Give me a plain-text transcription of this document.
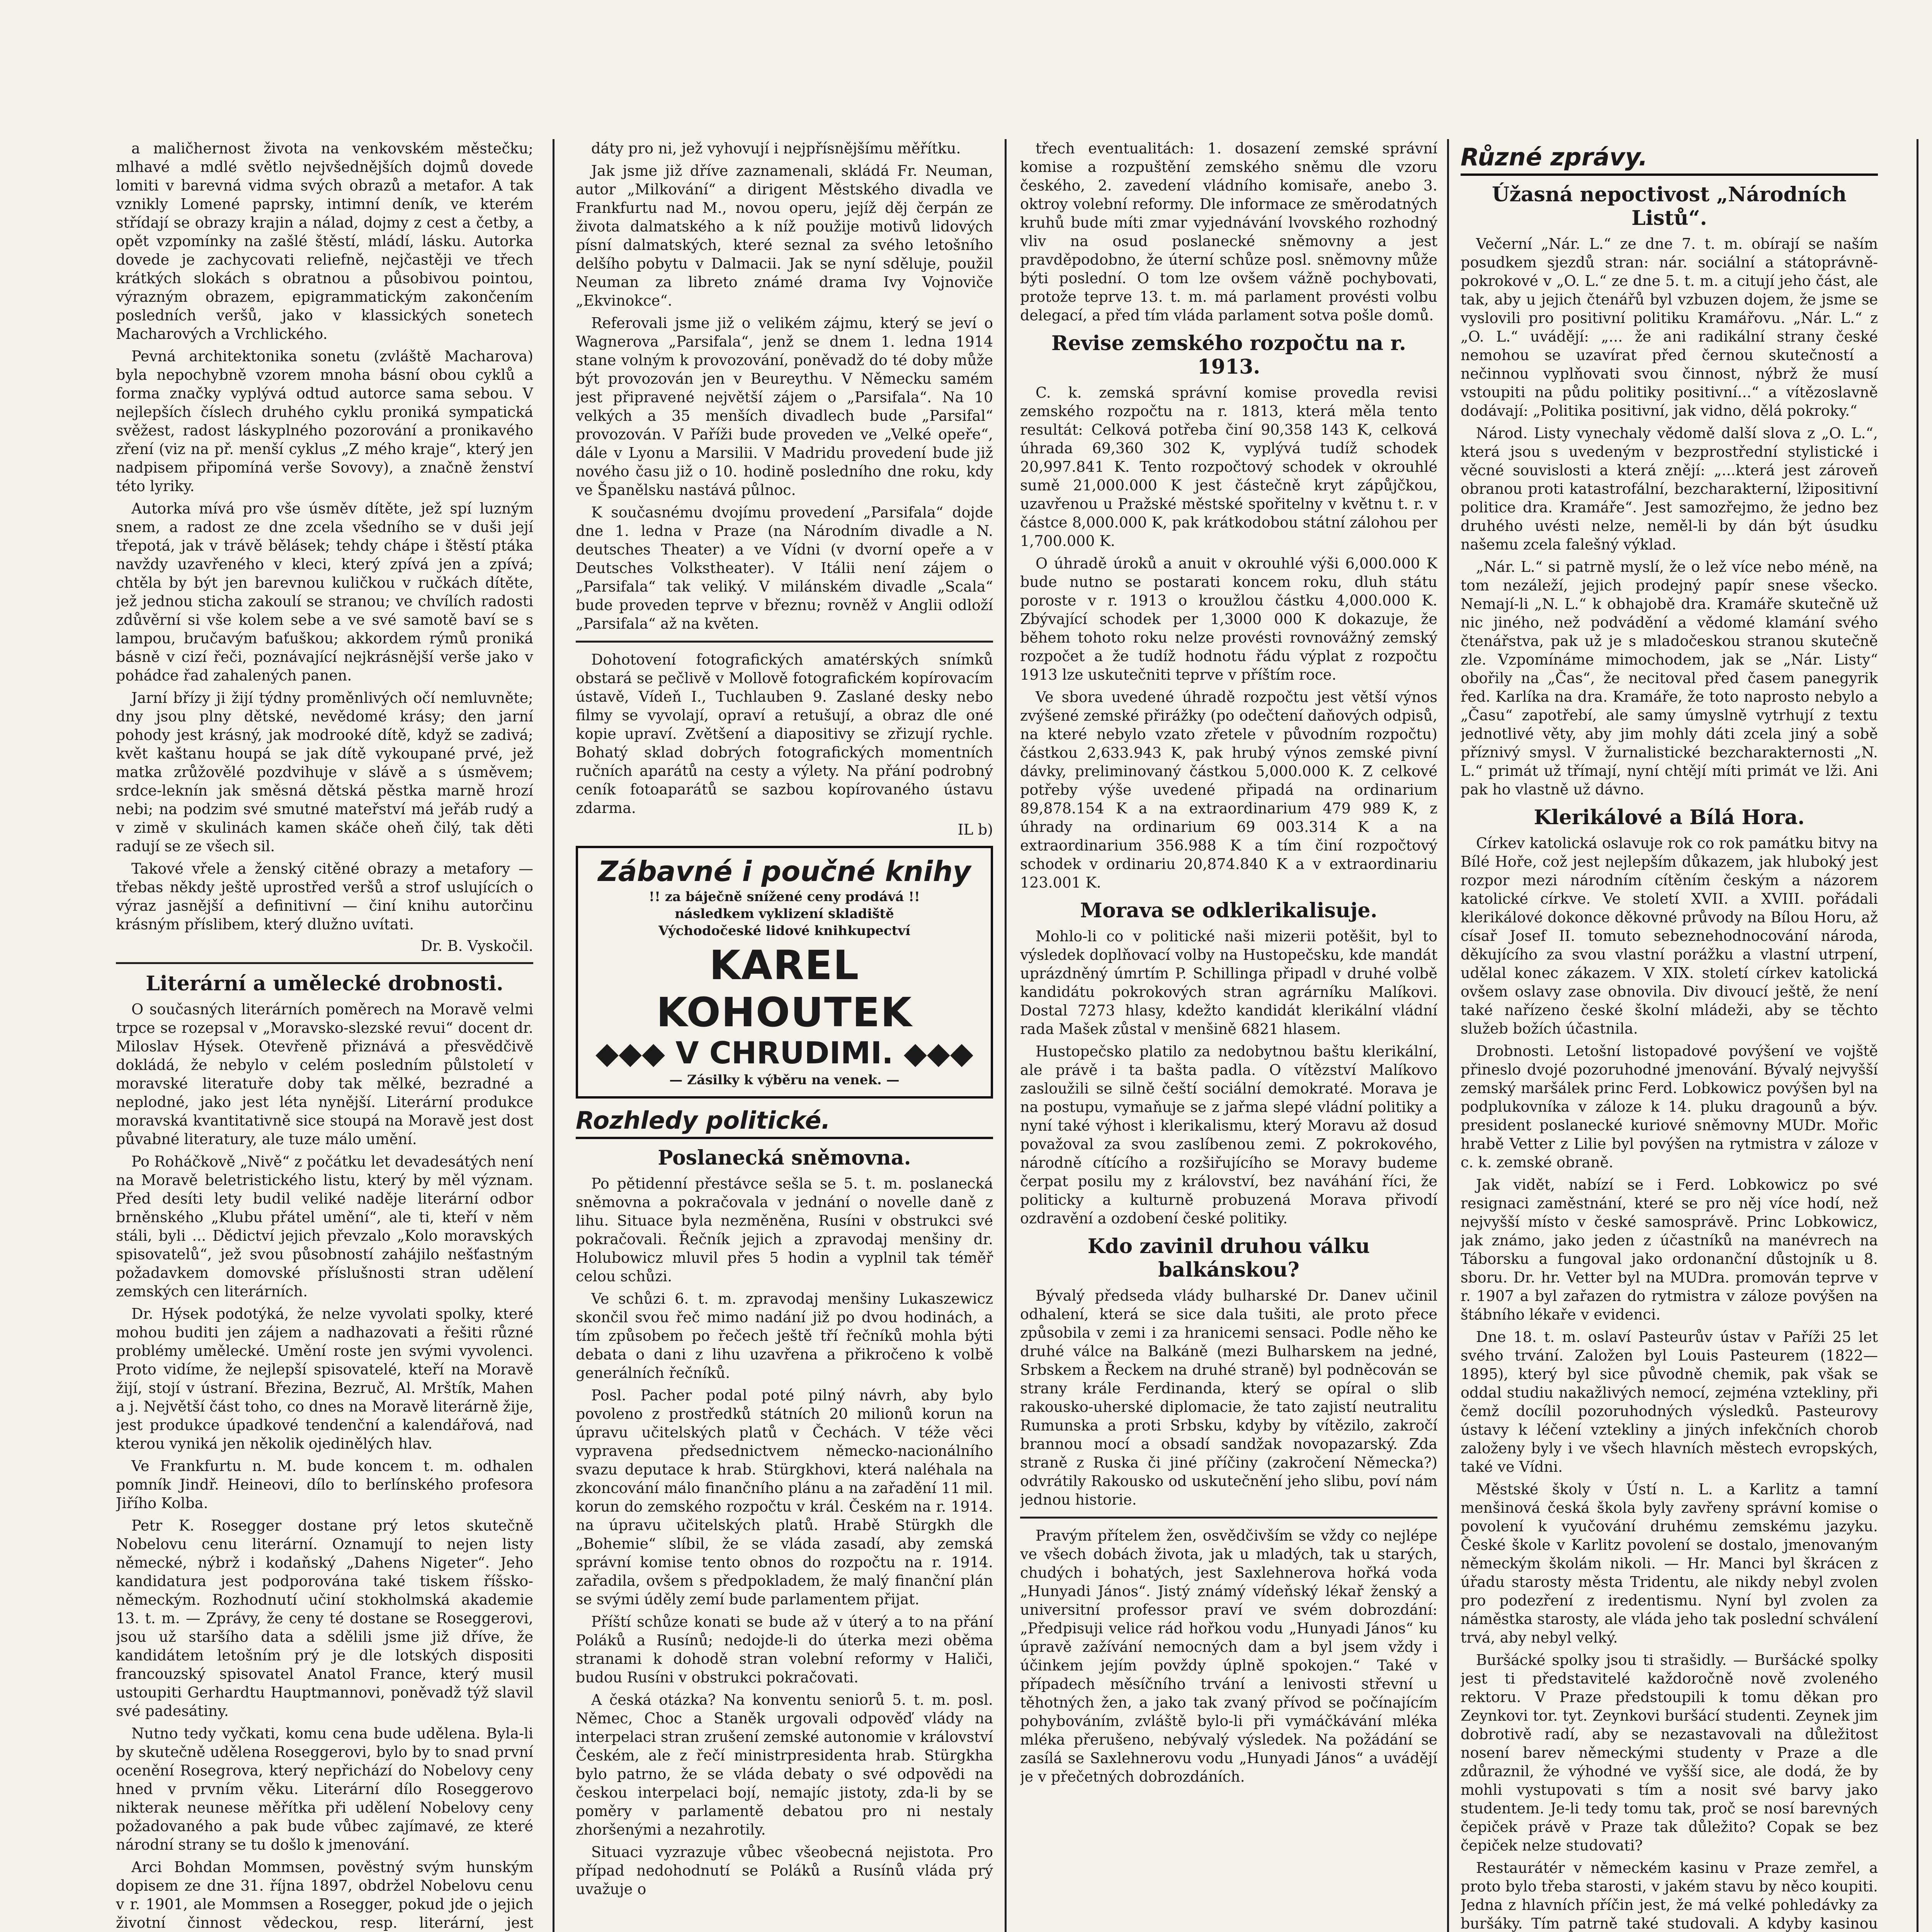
a maličhernost života na venkovském městečku; mlhavé a mdlé světlo nejvšednějších dojmů dovede lomiti v barevná vidma svých obrazů a metafor. A tak vznikly Lomené paprsky, intimní deník, ve kterém střídají se obrazy krajin a nálad, dojmy z cest a četby, a opět vzpomínky na zašlé štěstí, mládí, lásku. Autorka dovede je zachycovati reliefně, nejčastěji ve třech krátkých slokách s obratnou a působivou pointou, výrazným obrazem, epigrammatickým zakončením posledních veršů, jako v klassických sonetech Macharových a Vrchlického.

Pevná architektonika sonetu (zvláště Macharova) byla nepochybně vzorem mnoha básní obou cyklů a forma značky vyplývá odtud autorce sama sebou. V nejlepších číslech druhého cyklu proniká sympatická svěžest, radost láskyplného pozorování a pronikavého zření (viz na př. menší cyklus „Z mého kraje“, který jen nadpisem připomíná verše Sovovy), a značně ženství této lyriky.

Autorka mívá pro vše úsměv dítěte, jež spí luzným snem, a radost ze dne zcela všedního se v duši její třepotá, jak v trávě bělásek; tehdy chápe i štěstí ptáka navždy uzavřeného v kleci, který zpívá jen a zpívá; chtěla by být jen barevnou kuličkou v ručkách dítěte, jež jednou sticha zakoulí se stranou; ve chvílích radosti zdůvěrní si vše kolem sebe a ve své samotě baví se s lampou, bručavým baťuškou; akkordem rýmů proniká básně v cizí řeči, poznávající nejkrásnější verše jako v pohádce řad zahalených panen.

Jarní břízy ji žijí týdny proměnlivých očí nemluvněte; dny jsou plny dětské, nevědomé krásy; den jarní pohody jest krásný, jak modrooké dítě, když se zadivá; květ kaštanu houpá se jak dítě vykoupané prvé, jež matka zrůžovělé pozdvihuje v slávě a s úsměvem; srdce-leknín jak směsná dětská pěstka marně hrozí nebi; na podzim své smutné mateřství má jeřáb rudý a v zimě v skulinách kamen skáče oheň čilý, tak děti radují se ze všech sil.

Takové vřele a ženský citěné obrazy a metafory — třebas někdy ještě uprostřed veršů a strof uslujících o výraz jasnější a definitivní — činí knihu autorčinu krásným příslibem, který dlužno uvítati.

Dr. B. Vyskočil.

Literární a umělecké drobnosti.

O současných literárních poměrech na Moravě velmi trpce se rozepsal v „Moravsko-slezské revui“ docent dr. Miloslav Hýsek. Otevřeně přiznává a přesvědčivě dokládá, že nebylo v celém posledním půlstoletí v moravské literatuře doby tak mělké, bezradné a neplodné, jako jest léta nynější. Literární produkce moravská kvantitativně sice stoupá na Moravě jest dost půvabné literatury, ale tuze málo umění.

Po Roháčkově „Nivě“ z počátku let devadesátých není na Moravě beletristického listu, který by měl význam. Před desíti lety budil veliké naděje literární odbor brněnského „Klubu přátel umění“, ale ti, kteří v něm stáli, byli ... Dědictví jejich převzalo „Kolo moravských spisovatelů“, jež svou působností zahájilo nešťastným požadavkem domovské příslušnosti stran udělení zemských cen literárních.

Dr. Hýsek podotýká, že nelze vyvolati spolky, které mohou buditi jen zájem a nadhazovati a řešiti různé problémy umělecké. Umění roste jen svými vyvolenci. Proto vidíme, že nejlepší spisovatelé, kteří na Moravě žijí, stojí v ústraní. Březina, Bezruč, Al. Mrštík, Mahen a j. Největší část toho, co dnes na Moravě literárně žije, jest produkce úpadkové tendenční a kalendářová, nad kterou vyniká jen několik ojedinělých hlav.

Ve Frankfurtu n. M. bude koncem t. m. odhalen pomník Jindř. Heineovi, dílo to berlínského profesora Jiřího Kolba.

Petr K. Rosegger dostane prý letos skutečně Nobelovu cenu literární. Oznamují to nejen listy německé, nýbrž i kodaňský „Dahens Nigeter“. Jeho kandidatura jest podporována také tiskem říšsko-německým. Rozhodnutí učiní stokholmská akademie 13. t. m. — Zprávy, že ceny té dostane se Roseggerovi, jsou už staršího data a sdělili jsme již dříve, že kandidátem letošním prý je dle lotských dispositi francouzský spisovatel Anatol France, který musil ustoupiti Gerhardtu Hauptmannovi, poněvadž týž slavil své padesátiny.

Nutno tedy vyčkati, komu cena bude udělena. Byla-li by skutečně udělena Roseggerovi, bylo by to snad první ocenění Rosegrova, který nepřichází do Nobelovy ceny hned v prvním věku. Literární dílo Roseggerovo nikterak neunese měřítka při udělení Nobelovy ceny požadovaného a pak bude vůbec zajímavé, ze které národní strany se tu došlo k jmenování.

Arci Bohdan Mommsen, pověstný svým hunským dopisem ze dne 31. října 1897, obdržel Nobelovu cenu v r. 1901, ale Mommsen a Rosegger, pokud jde o jejich životní činnost vědeckou, resp. literární, jest

dáty pro ni, jež vyhovují i nejpřísnějšímu měřítku.

Jak jsme již dříve zaznamenali, skládá Fr. Neuman, autor „Milkování“ a dirigent Městského divadla ve Frankfurtu nad M., novou operu, jejíž děj čerpán ze života dalmatského a k níž použije motivů lidových písní dalmatských, které seznal za svého letošního delšího pobytu v Dalmacii. Jak se nyní sděluje, použil Neuman za libreto známé drama Ivy Vojnoviče „Ekvinokce“.

Referovali jsme již o velikém zájmu, který se jeví o Wagnerova „Parsifala“, jenž se dnem 1. ledna 1914 stane volným k provozování, poněvadž do té doby může být provozován jen v Beureythu. V Německu samém jest připravené největší zájem o „Parsifala“. Na 10 velkých a 35 menších divadlech bude „Parsifal“ provozován. V Paříži bude proveden ve „Velké opeře“, dále v Lyonu a Marsilii. V Madridu provedení bude již nového času již o 10. hodině posledního dne roku, kdy ve Španělsku nastává půlnoc.

K současnému dvojímu provedení „Parsifala“ dojde dne 1. ledna v Praze (na Národním divadle a N. deutsches Theater) a ve Vídni (v dvorní opeře a v Deutsches Volkstheater). V Itálii není zájem o „Parsifala“ tak veliký. V milánském divadle „Scala“ bude proveden teprve v březnu; rovněž v Anglii odloží „Parsifala“ až na květen.

Dohotovení fotografických amatérských snímků obstará se pečlivě v Mollově fotografickém kopírovacím ústavě, Vídeň I., Tuchlauben 9. Zaslané desky nebo filmy se vyvolají, opraví a retušují, a obraz dle oné kopie upraví. Zvětšení a diapositivy se zřizují rychle. Bohatý sklad dobrých fotografických momentních ručních aparátů na cesty a výlety. Na přání podrobný ceník fotoaparátů se sazbou kopírovaného ústavu zdarma.

IL b)

Zábavné i poučné knihy

!! za báječně snížené ceny prodává !!

následkem vyklizení skladiště

Východočeské lidové knihkupectví

KAREL KOHOUTEK

◆◆◆ V CHRUDIMI. ◆◆◆

— Zásilky k výběru na venek. —

Rozhledy politické.
Poslanecká sněmovna.

Po pětidenní přestávce sešla se 5. t. m. poslanecká sněmovna a pokračovala v jednání o novelle daně z lihu. Situace byla nezměněna, Rusíni v obstrukci své pokračovali. Řečník jejich a zpravodaj menšiny dr. Holubowicz mluvil přes 5 hodin a vyplnil tak téměř celou schůzi.

Ve schůzi 6. t. m. zpravodaj menšiny Lukaszewicz skončil svou řeč mimo nadání již po dvou hodinách, a tím způsobem po řečech ještě tří řečníků mohla býti debata o dani z lihu uzavřena a přikročeno k volbě generálních řečníků.

Posl. Pacher podal poté pilný návrh, aby bylo povoleno z prostředků státních 20 milionů korun na úpravu učitelských platů v Čechách. V téže věci vypravena předsednictvem německo-nacionálního svazu deputace k hrab. Stürgkhovi, která naléhala na zkoncování málo finančního plánu a na zařadění 11 mil. korun do zemského rozpočtu v král. Českém na r. 1914. na úpravu učitelských platů. Hrabě Stürgkh dle „Bohemie“ slíbil, že se vláda zasadí, aby zemská správní komise tento obnos do rozpočtu na r. 1914. zařadila, ovšem s předpokladem, že malý finanční plán se svými úděly zemí bude parlamentem přijat.

Příští schůze konati se bude až v úterý a to na přání Poláků a Rusínů; nedojde-li do úterka mezi oběma stranami k dohodě stran volební reformy v Haliči, budou Rusíni v obstrukci pokračovati.

A česká otázka? Na konventu seniorů 5. t. m. posl. Němec, Choc a Staněk urgovali odpověď vlády na interpelaci stran zrušení zemské autonomie v království Českém, ale z řečí ministrpresidenta hrab. Stürgkha bylo patrno, že se vláda debaty o své odpovědi na českou interpelaci bojí, nemajíc jistoty, zda-li by se poměry v parlamentě debatou pro ni nestaly zhoršenými a nezahrotily.

Situaci vyzrazuje vůbec všeobecná nejistota. Pro případ nedohodnutí se Poláků a Rusínů vláda prý uvažuje o

třech eventualitách: 1. dosazení zemské správní komise a rozpuštění zemského sněmu dle vzoru českého, 2. zavedení vládního komisaře, anebo 3. oktroy volební reformy. Dle informace ze směrodatných kruhů bude míti zmar vyjednávání lvovského rozhodný vliv na osud poslanecké sněmovny a jest pravděpodobno, že úterní schůze posl. sněmovny může býti poslední. O tom lze ovšem vážně pochybovati, protože teprve 13. t. m. má parlament provésti volbu delegací, a před tím vláda parlament sotva pošle domů.

Revise zemského rozpočtu na r. 1913.

C. k. zemská správní komise provedla revisi zemského rozpočtu na r. 1813, která měla tento resultát: Celková potřeba činí 90,358 143 K, celková úhrada 69,360 302 K, vyplývá tudíž schodek 20,997.841 K. Tento rozpočtový schodek v okrouhlé sumě 21,000.000 K jest částečně kryt zápůjčkou, uzavřenou u Pražské městské spořitelny v květnu t. r. v částce 8,000.000 K, pak krátkodobou státní zálohou per 1,700.000 K.

O úhradě úroků a anuit v okrouhlé výši 6,000.000 K bude nutno se postarati koncem roku, dluh státu poroste v r. 1913 o kroužlou částku 4,000.000 K. Zbývající schodek per 1,3000 000 K dokazuje, že během tohoto roku nelze provésti rovnovážný zemský rozpočet a že tudíž hodnotu řádu výplat z rozpočtu 1913 lze uskutečniti teprve v příštím roce.

Ve sbora uvedené úhradě rozpočtu jest větší výnos zvýšené zemské přirážky (po odečtení daňových odpisů, na které nebylo vzato zřetele v původním rozpočtu) částkou 2,633.943 K, pak hrubý výnos zemské pivní dávky, preliminovaný částkou 5,000.000 K. Z celkové potřeby výše uvedené připadá na ordinarium 89,878.154 K a na extraordinarium 479 989 K, z úhrady na ordinarium 69 003.314 K a na extraordinarium 356.988 K a tím činí rozpočtový schodek v ordinariu 20,874.840 K a v extraordinariu 123.001 K.

Morava se odklerikalisuje.

Mohlo-li co v politické naši mizerii potěšit, byl to výsledek doplňovací volby na Hustopečsku, kde mandát uprázdněný úmrtím P. Schillinga připadl v druhé volbě kandidátu pokrokových stran agrárníku Malíkovi. Dostal 7273 hlasy, kdežto kandidát klerikální vládní rada Mašek zůstal v menšině 6821 hlasem.

Hustopečsko platilo za nedobytnou baštu klerikální, ale právě i ta bašta padla. O vítězství Malíkovo zasloužili se silně čeští sociální demokraté. Morava je na postupu, vymaňuje se z jařma slepé vládní politiky a nyní také výhost i klerikalismu, který Moravu až dosud považoval za svou zaslíbenou zemi. Z pokrokového, národně cítícího a rozšiřujícího se Moravy budeme čerpat posilu my z království, bez naváhání říci, že politicky a kulturně probuzená Morava přivodí ozdravění a ozdobení české politiky.

Kdo zavinil druhou válku balkánskou?

Bývalý předseda vlády bulharské Dr. Danev učinil odhalení, která se sice dala tušiti, ale proto přece způsobila v zemi i za hranicemi sensaci. Podle něho ke druhé válce na Balkáně (mezi Bulharskem na jedné, Srbskem a Řeckem na druhé straně) byl podněcován se strany krále Ferdinanda, který se opíral o slib rakousko-uherské diplomacie, že tato zajistí neutralitu Rumunska a proti Srbsku, kdyby by vítězilo, zakročí brannou mocí a obsadí sandžak novopazarský. Zda straně z Ruska či jiné příčiny (zakročení Německa?) odvrátily Rakousko od uskutečnění jeho slibu, poví nám jednou historie.

Pravým přítelem žen, osvědčivším se vždy co nejlépe ve všech dobách života, jak u mladých, tak u starých, chudých i bohatých, jest Saxlehnerova hořká voda „Hunyadi János“. Jistý známý vídeňský lékař ženský a universitní professor praví ve svém dobrozdání: „Předpisuji velice rád hořkou vodu „Hunyadi János“ ku úpravě zažívání nemocných dam a byl jsem vždy i účinkem jejím povždy úplně spokojen.“ Také v případech měsíčního trvání a lenivosti střevní u těhotných žen, a jako tak zvaný přívod se počínajícím pohybováním, zvláště bylo-li při vymáčkávání mléka mléka přerušeno, nebývalý výsledek. Na požádání se zasílá se Saxlehnerovu vodu „Hunyadi János“ a uvádějí je v přečetných dobrozdáních.

Různé zprávy.
Úžasná nepoctivost „Národních Listů“.

Večerní „Nár. L.“ ze dne 7. t. m. obírají se naším posudkem sjezdů stran: nár. sociální a státoprávně-pokrokové v „O. L.“ ze dne 5. t. m. a citují jeho část, ale tak, aby u jejich čtenářů byl vzbuzen dojem, že jsme se vyslovili pro positivní politiku Kramářovu. „Nár. L.“ z „O. L.“ uvádějí: „... že ani radikální strany české nemohou se uzavírat před černou skutečností a nečinnou vyplňovati svou činnost, nýbrž že musí vstoupiti na půdu politiky positivní...“ a vítězoslavně dodávají: „Politika positivní, jak vidno, dělá pokroky.“

Národ. Listy vynechaly vědomě další slova z „O. L.“, která jsou s uvedeným v bezprostřední stylistické i věcné souvislosti a která znějí: „...která jest zároveň obranou proti katastrofální, bezcharakterní, lžipositivní politice dra. Kramáře“. Jest samozřejmo, že jedno bez druhého uvésti nelze, neměl-li by dán být úsudku našemu zcela falešný výklad.

„Nár. L.“ si patrně myslí, že o lež více nebo méně, na tom nezáleží, jejich prodejný papír snese všecko. Nemají-li „N. L.“ k obhajobě dra. Kramáře skutečně už nic jiného, než podvádění a vědomé klamání svého čtenářstva, pak už je s mladočeskou stranou skutečně zle. Vzpomínáme mimochodem, jak se „Nár. Listy“ obořily na „Čas“, že necitoval před časem panegyrik řed. Karlíka na dra. Kramáře, že toto naprosto nebylo a „Času“ zapotřebí, ale samy úmyslně vytrhují z textu jednotlivé věty, aby jim mohly dáti zcela jiný a sobě příznivý smysl. V žurnalistické bezcharakternosti „N. L.“ primát už třímají, nyní chtějí míti primát ve lži. Ani pak ho vlastně už dávno.

Klerikálové a Bílá Hora.

Církev katolická oslavuje rok co rok památku bitvy na Bílé Hoře, což jest nejlepším důkazem, jak hluboký jest rozpor mezi národním cítěním českým a názorem katolické církve. Ve století XVII. a XVIII. pořádali klerikálové dokonce děkovné průvody na Bílou Horu, až císař Josef II. tomuto sebeznehodnocování národa, děkujícího za svou vlastní porážku a vlastní utrpení, udělal konec zákazem. V XIX. století církev katolická ovšem oslavy zase obnovila. Div divoucí ještě, že není také nařízeno české školní mládeži, aby se těchto služeb božích účastnila.

Drobnosti. Letošní listopadové povýšení ve vojště přineslo dvojé pozoruhodné jmenování. Bývalý nejvyšší zemský maršálek princ Ferd. Lobkowicz povýšen byl na podplukovníka v záloze k 14. pluku dragounů a býv. president poslanecké kuriové sněmovny MUDr. Mořic hrabě Vetter z Lilie byl povýšen na rytmistra v záloze v c. k. zemské obraně.

Jak vidět, nabízí se i Ferd. Lobkowicz po své resignaci zaměstnání, které se pro něj více hodí, než nejvyšší místo v české samosprávě. Princ Lobkowicz, jak známo, jako jeden z účastníků na manévrech na Táborsku a fungoval jako ordonanční důstojník u 8. sboru. Dr. hr. Vetter byl na MUDra. promován teprve v r. 1907 a byl zařazen do rytmistra v záloze povýšen na štábního lékaře v evidenci.

Dne 18. t. m. oslaví Pasteurův ústav v Paříži 25 let svého trvání. Založen byl Louis Pasteurem (1822—1895), který byl sice původně chemik, pak však se oddal studiu nakažlivých nemocí, zejména vztekliny, při čemž docílil pozoruhodných výsledků. Pasteurovy ústavy k léčení vztekliny a jiných infekčních chorob založeny byly i ve všech hlavních městech evropských, také ve Vídni.

Městské školy v Ústí n. L. a Karlitz a tamní menšinová česká škola byly zavřeny správní komise o povolení k vyučování druhému zemskému jazyku. České škole v Karlitz povolení se dostalo, jmenovaným německým školám nikoli. — Hr. Manci byl škrácen z úřadu starosty města Tridentu, ale nikdy nebyl zvolen pro podezření z iredentismu. Nyní byl zvolen za náměstka starosty, ale vláda jeho tak poslední schválení trvá, aby nebyl velký.

Buršácké spolky jsou ti strašidly. — Buršácké spolky jest ti představitelé každoročně nově zvoleného rektoru. V Praze předstoupili k tomu děkan pro Zeynkovi tor. tyt. Zeynkovi buršácí studenti. Zeynek jim dobrotivě radí, aby se nezastavovali na důležitost nosení barev německými studenty v Praze a dle zdůraznil, že výhodné ve vyšší sice, ale dodá, že by mohli vystupovati s tím a nosit své barvy jako studentem. Je-li tedy tomu tak, proč se nosí barevných čepiček právě v Praze tak důležito? Copak se bez čepiček nelze studovati?

Restaurátér v německém kasinu v Praze zemřel, a proto bylo třeba starosti, v jakém stavu by něco koupiti. Jedna z hlavních příčin jest, že má velké pohledávky za buršáky. Tím patrně také studovali. A kdyby kasinou
